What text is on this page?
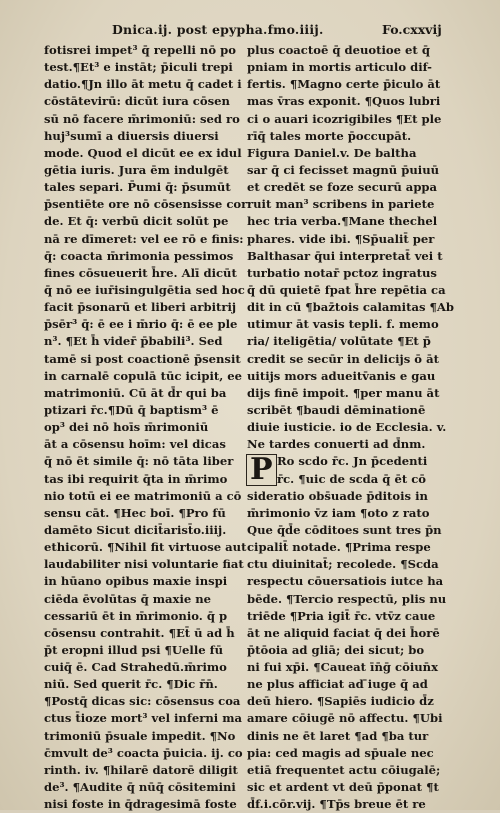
Dnica.ij. post epypha.fmo.iiij.	Fo.cxxvij
fotisrei impet³ q̄ repelli nō po
test.¶Et³ e instāt; p̄iculi trepi
datio.¶Jn illo āt metu q̄ cadet i
cōstātevirū: dicūt iura cōsen
sū nō facere m̄rimoniū: sed ro
huj³sumī a diuersis diuersi
mode. Quod el dicūt ee ex idul
gētia iuris. Jura ēm indulgēt
tales separi. P̄umi q̄: p̄sumūt
p̄sentiēte ore nō cōsensisse cor
de. Et q̄: verbū dicit solūt pe
nā re dīmeret: vel ee rō e finis:
q̄: coacta m̄rimonia pessimos
fines cōsueuerit h̄re. Alī dicūt
q̄ nō ee iur̄isingulgētia sed hoc
facit p̄sonarū et liberi arbitrij
p̄sēr³ q̄: ē ee i m̄rio q̄: ē ee ple
n³. ¶Et h̄ vider̄ p̄babili³. Sed
tamē si post coactionē p̄sensit
in carnalē copulā tūc icipit, ee
matrimoniū. Cū āt d̄r qui ba
ptizari r̄c.¶Dū q̄ baptism³ ē
op³ dei nō hoīs m̄rimoniū
āt a cōsensu hoīm: vel dicas
q̄ nō ēt simile q̄: nō tāta liber
tas ibi requirit q̄ta in m̄rimo
nio totū ei ee matrimoniū a cō
sensu cāt. ¶Hec boī. ¶Pro fū
damēto Sicut dicit̄arist̄o.iiij.
ethicorū. ¶Nihil fit virtuose aut
laudabiliter nisi voluntarie fiat
in hūano opibus maxie inspi
ciēda ēvolūtas q̄ maxie ne
cessariū ēt in m̄rimonio. q̄ p
cōsensu contrahit. ¶Et̄ ū ad h̄
p̄t eropni illud psi ¶Uelle fū
cuiq̄ ē. Cad Strahedū.m̄rimo
niū. Sed querit r̄c. ¶Dic r̄n̄.
¶Postq̄ dicas sic: cōsensus coa
ctus t̄ioze mort³ vel inferni ma
trimoniū p̄suale impedit. ¶No
c̄mvult de³ coacta p̄uicia. ij. co
rinth. iv. ¶hilarē datorē diligit
de³. ¶Audite q̄ nūq̄ cōsitemini
nisi foste in q̄dragesimā foste
plus coactoē q̄ deuotioe et q̄
pniam in mortis articulo dif-
fertis. ¶Magno certe p̄iculo āt
mas v̄ras exponit. ¶Quos lubri
ci o auari icozrigibiles ¶Et ple
rīq̄ tales morte p̄occupāt.
Figura Daniel.v. De baltha
sar q̄ ci fecisset magnū p̄uiuū
et credēt se foze securū appa
ruit man³ scribens in pariete
hec tria verba.¶Mane thechel
phares. vide ibi. ¶Sp̄ualit̄ per
Balthasar q̄ui interpretat̄ vei t
turbatio notar̄ pctoz ingratus
q̄ dū quietē fpat h̄re repētia ca
dit in cū ¶baz̄tois calamitas ¶Ab
utimur āt vasis tepli. f. memo
ria/ iteligētia/ volūtate ¶Et p̄
credit se secūr in delicijs ō āt
uitijs mors adueitv̄anis e gau
dijs finē impoit. ¶per manu āt
scribēt ¶baudi dēminationē
diuie iusticie. io de Ecclesia. v.
Ne tardes conuerti ad d̄nm.
Ro scdo r̄c. Jn p̄cedenti
P r̄c. ¶uic de scda q̄ ēt cō
sideratio obs̄uade p̄ditois in
m̄rimonio v̄z iam ¶oto z rato
Que q̄d̄e cōditoes sunt tres p̄n
cipalit̄ notade. ¶Prima respe
ctu diuinitat̄; recolede. ¶Scda
respectu cōuersatiois iutce ha
bēde. ¶Tercio respectū, plis nu
triēde ¶Pria igit̄ r̄c. vtv̄z caue
āt ne aliquid faciat q̄ dei h̄orē
p̄tōoia ad gliā; dei sicut; bo
ni fui xp̄i. ¶Caueat īn̄ḡ cōiun̄x
ne plus afficiat ad ̄iuge q̄ ad
deū hiero. ¶Sapiēs iudicio d̄z
amare cōiugē nō affectu. ¶Ubi
dinis ne ēt laret ¶ad ¶ba tur
pia: ced magis ad sp̄uale nec
etiā frequentet actu cōiugalē;
sic et ardent vt deū p̄ponat ¶t
d̄f.i.cōr.vij. ¶Tp̄s breue ēt re
